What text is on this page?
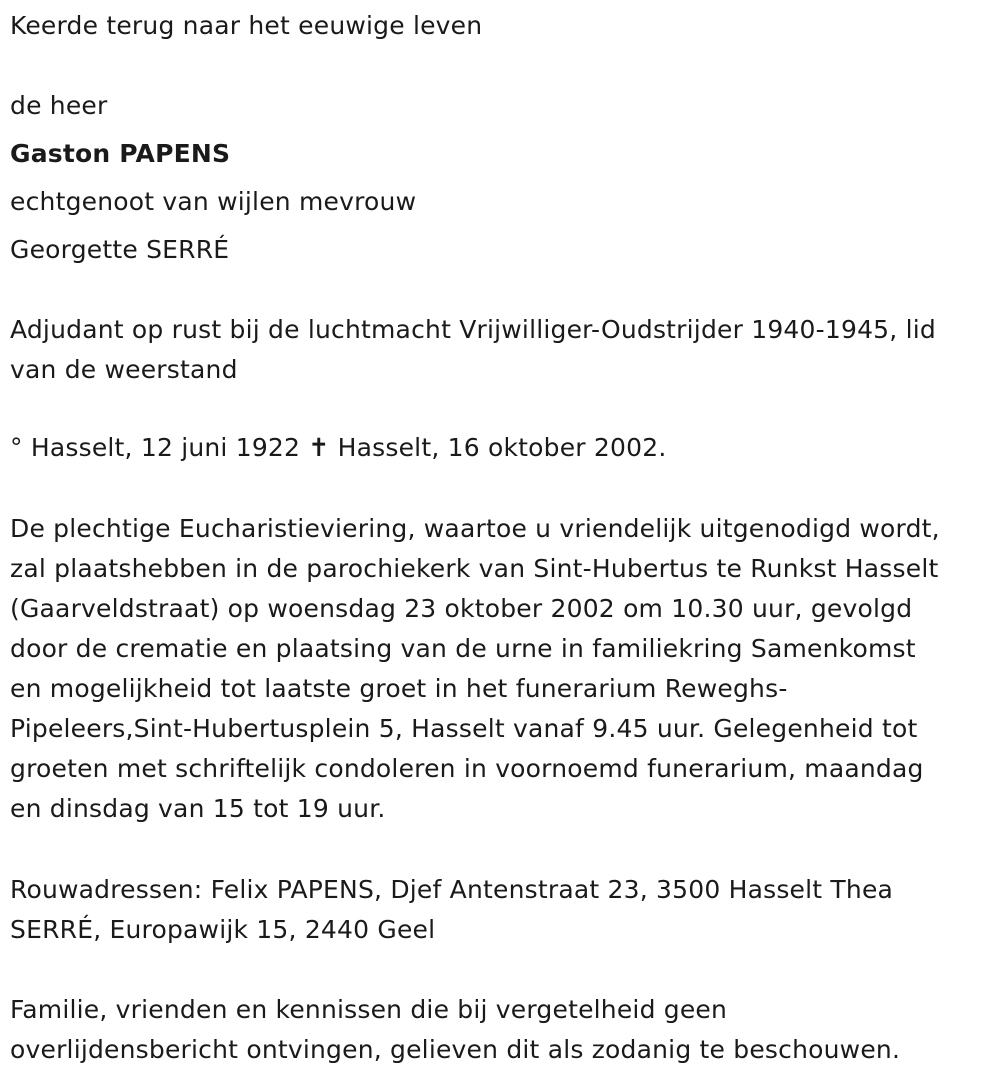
Keerde terug naar het eeuwige leven
de heer
Gaston PAPENS
echtgenoot van wijlen mevrouw
Georgette SERRÉ
Adjudant op rust bij de luchtmacht Vrijwilliger-Oudstrijder 1940-1945, lid
van de weerstand
° Hasselt, 12 juni 1922 ✝ Hasselt, 16 oktober 2002.
De plechtige Eucharistieviering, waartoe u vriendelijk uitgenodigd wordt,
zal plaatshebben in de parochiekerk van Sint-Hubertus te Runkst Hasselt
(Gaarveldstraat) op woensdag 23 oktober 2002 om 10.30 uur, gevolgd
door de crematie en plaatsing van de urne in familiekring Samenkomst
en mogelijkheid tot laatste groet in het funerarium Reweghs-
Pipeleers,Sint-Hubertusplein 5, Hasselt vanaf 9.45 uur. Gelegenheid tot
groeten met schriftelijk condoleren in voornoemd funerarium, maandag
en dinsdag van 15 tot 19 uur.
Rouwadressen: Felix PAPENS, Djef Antenstraat 23, 3500 Hasselt Thea
SERRÉ, Europawijk 15, 2440 Geel
Familie, vrienden en kennissen die bij vergetelheid geen
overlijdensbericht ontvingen, gelieven dit als zodanig te beschouwen.
